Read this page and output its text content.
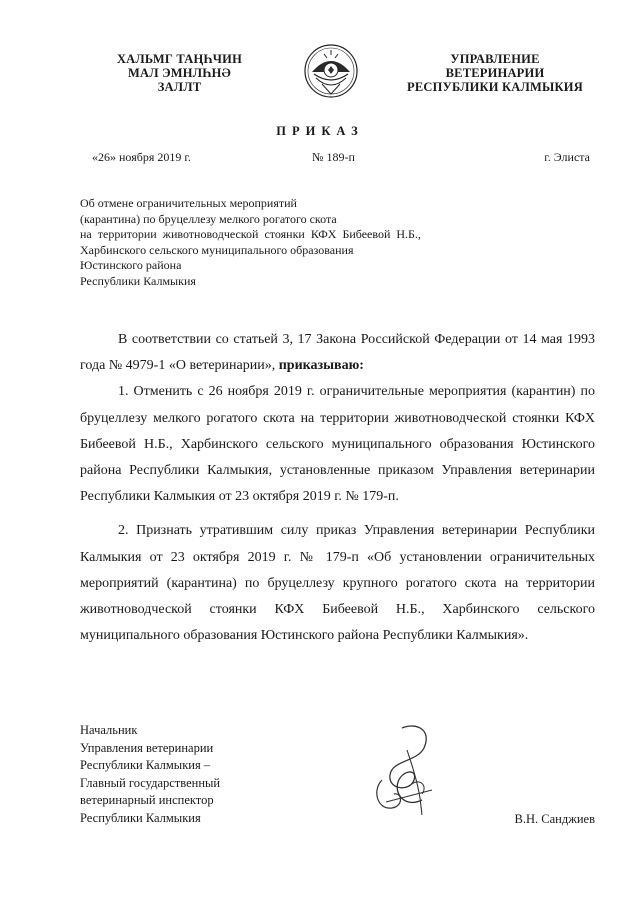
ХАЛЬМГ ТАҢҺЧИН
МАЛ ЭМНЛҺНӘ
ЗАЛЛТ
УПРАВЛЕНИЕ
ВЕТЕРИНАРИИ
РЕСПУБЛИКИ КАЛМЫКИЯ
ПРИКАЗ
«26» ноября 2019 г.	№ 189-п	г. Элиста
Об отмене ограничительных мероприятий
(карантина) по бруцеллезу мелкого рогатого скота
на  территории  животноводческой  стоянки  КФХ  Бибеевой  Н.Б.,
Харбинского сельского муниципального образования
Юстинского района
Республики Калмыкия

В соответствии со статьей 3, 17 Закона Российской Федерации от 14 мая 1993 года № 4979-1 «О ветеринарии», приказываю:

1. Отменить с 26 ноября 2019 г. ограничительные мероприятия (карантин) по бруцеллезу мелкого рогатого скота на территории животноводческой стоянки КФХ Бибеевой Н.Б., Харбинского сельского муниципального образования Юстинского района Республики Калмыкия, установленные приказом Управления ветеринарии Республики Калмыкия от 23 октября 2019 г. № 179-п.

2. Признать утратившим силу приказ Управления ветеринарии Республики Калмыкия от 23 октября 2019 г. № 179-п «Об установлении ограничительных мероприятий (карантина) по бруцеллезу крупного рогатого скота на территории животноводческой стоянки КФХ Бибеевой Н.Б., Харбинского сельского муниципального образования Юстинского района Республики Калмыкия».

Начальник
Управления ветеринарии
Республики Калмыкия –
Главный государственный
ветеринарный инспектор
Республики Калмыкия	В.Н. Санджиев
